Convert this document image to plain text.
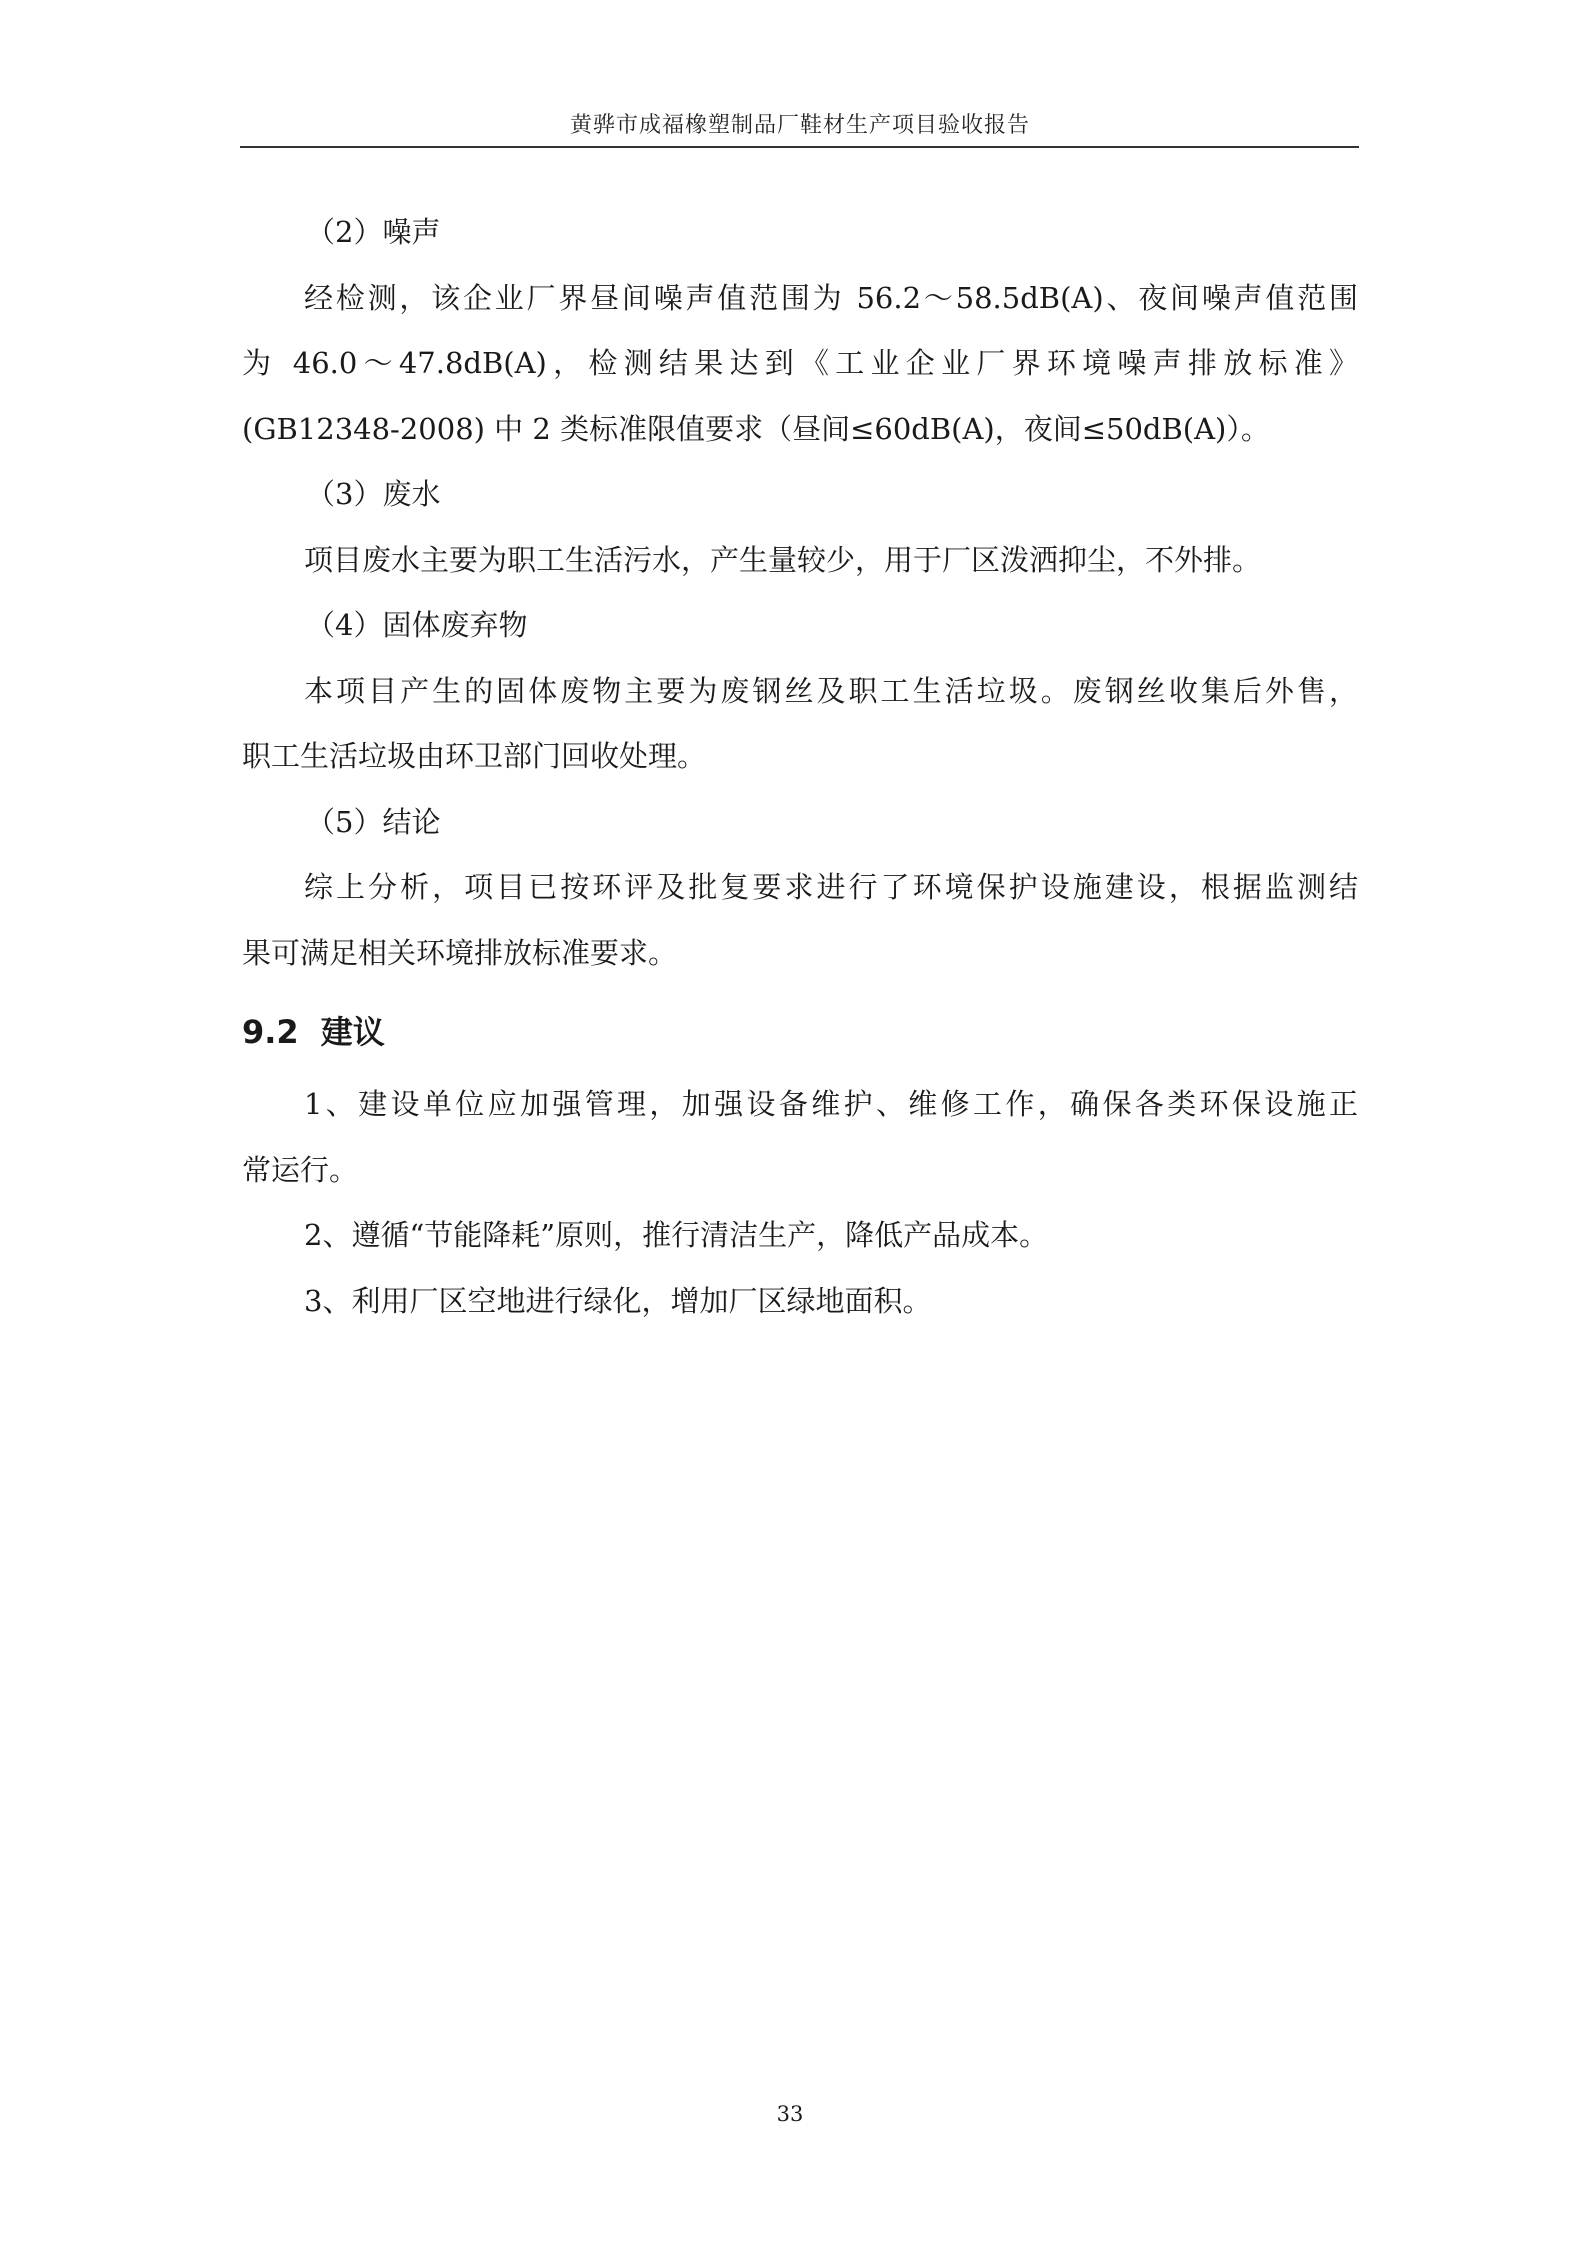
黄骅市成福橡塑制品厂鞋材生产项目验收报告
（2）噪声
经检测，该企业厂界昼间噪声值范围为 56.2～58.5dB(A)、夜间噪声值范围
为 46.0～47.8dB(A)，检测结果达到《工业企业厂界环境噪声排放标准》
(GB12348-2008) 中 2 类标准限值要求（昼间≤60dB(A)，夜间≤50dB(A)）。
（3）废水
项目废水主要为职工生活污水，产生量较少，用于厂区泼洒抑尘，不外排。
（4）固体废弃物
本项目产生的固体废物主要为废钢丝及职工生活垃圾。废钢丝收集后外售，
职工生活垃圾由环卫部门回收处理。
（5）结论
综上分析，项目已按环评及批复要求进行了环境保护设施建设，根据监测结
果可满足相关环境排放标准要求。
9.2 建议
1、建设单位应加强管理，加强设备维护、维修工作，确保各类环保设施正
常运行。
2、遵循“节能降耗”原则，推行清洁生产，降低产品成本。
3、利用厂区空地进行绿化，增加厂区绿地面积。
33
